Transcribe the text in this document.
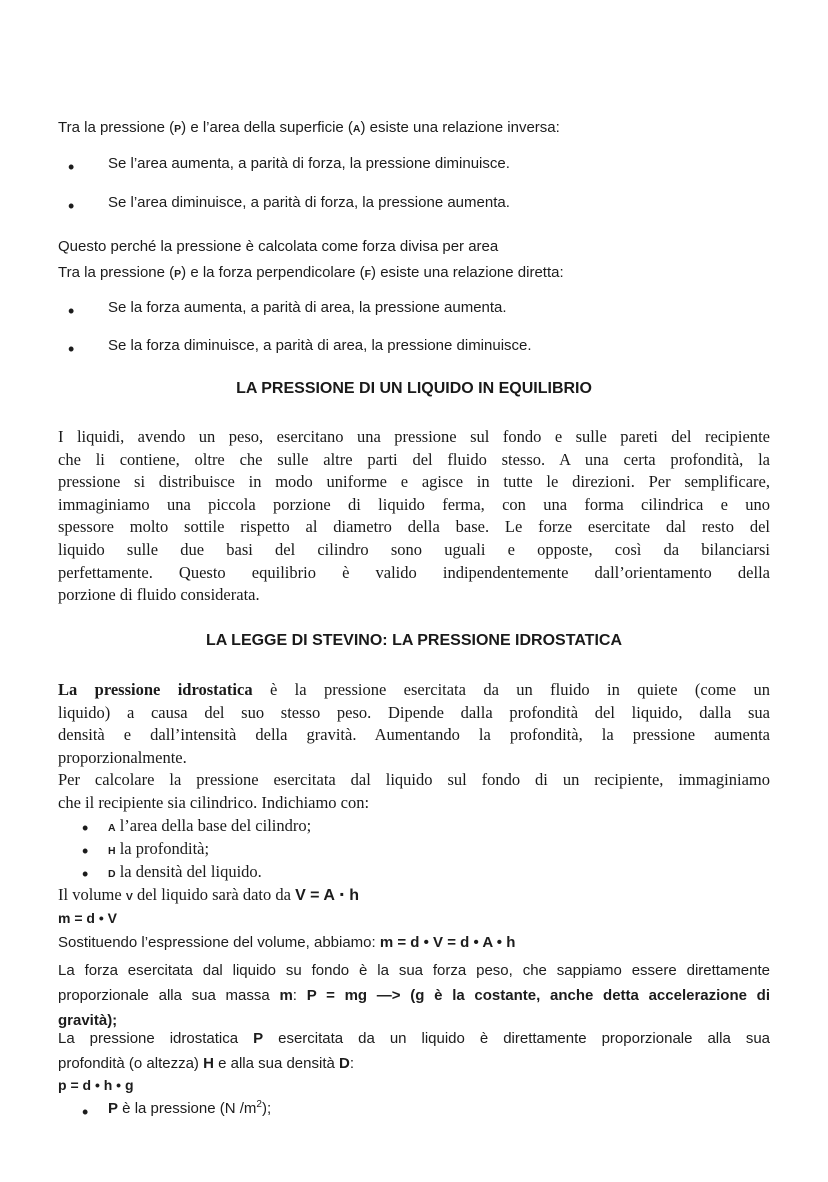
Tra la pressione (P) e l’area della superficie (A) esiste una relazione inversa:
• Se l’area aumenta, a parità di forza, la pressione diminuisce.
• Se l’area diminuisce, a parità di forza, la pressione aumenta.
Questo perché la pressione è calcolata come forza divisa per area
Tra la pressione (P) e la forza perpendicolare (F) esiste una relazione diretta:
• Se la forza aumenta, a parità di area, la pressione aumenta.
• Se la forza diminuisce, a parità di area, la pressione diminuisce.
LA PRESSIONE DI UN LIQUIDO IN EQUILIBRIO
I liquidi, avendo un peso, esercitano una pressione sul fondo e sulle pareti del recipiente
che li contiene, oltre che sulle altre parti del fluido stesso. A una certa profondità, la
pressione si distribuisce in modo uniforme e agisce in tutte le direzioni. Per semplificare,
immaginiamo una piccola porzione di liquido ferma, con una forma cilindrica e uno
spessore molto sottile rispetto al diametro della base. Le forze esercitate dal resto del
liquido sulle due basi del cilindro sono uguali e opposte, così da bilanciarsi
perfettamente. Questo equilibrio è valido indipendentemente dall’orientamento della
porzione di fluido considerata.
LA LEGGE DI STEVINO: LA PRESSIONE IDROSTATICA
La pressione idrostatica è la pressione esercitata da un fluido in quiete (come un
liquido) a causa del suo stesso peso. Dipende dalla profondità del liquido, dalla sua
densità e dall’intensità della gravità. Aumentando la profondità, la pressione aumenta
proporzionalmente.
Per calcolare la pressione esercitata dal liquido sul fondo di un recipiente, immaginiamo
che il recipiente sia cilindrico. Indichiamo con:
• A l’area della base del cilindro;
• H la profondità;
• D la densità del liquido.
Il volume V del liquido sarà dato da V = A ⋅ h
m = d • V
Sostituendo l’espressione del volume, abbiamo: m = d • V = d • A • h
La forza esercitata dal liquido su fondo è la sua forza peso, che sappiamo essere direttamente
proporzionale alla sua massa m: P = mg —> (g è la costante, anche detta accelerazione di
gravità);
La pressione idrostatica P esercitata da un liquido è direttamente proporzionale alla sua
profondità (o altezza) H e alla sua densità D:
p = d • h • g
• P è la pressione (N $/m^2$);
